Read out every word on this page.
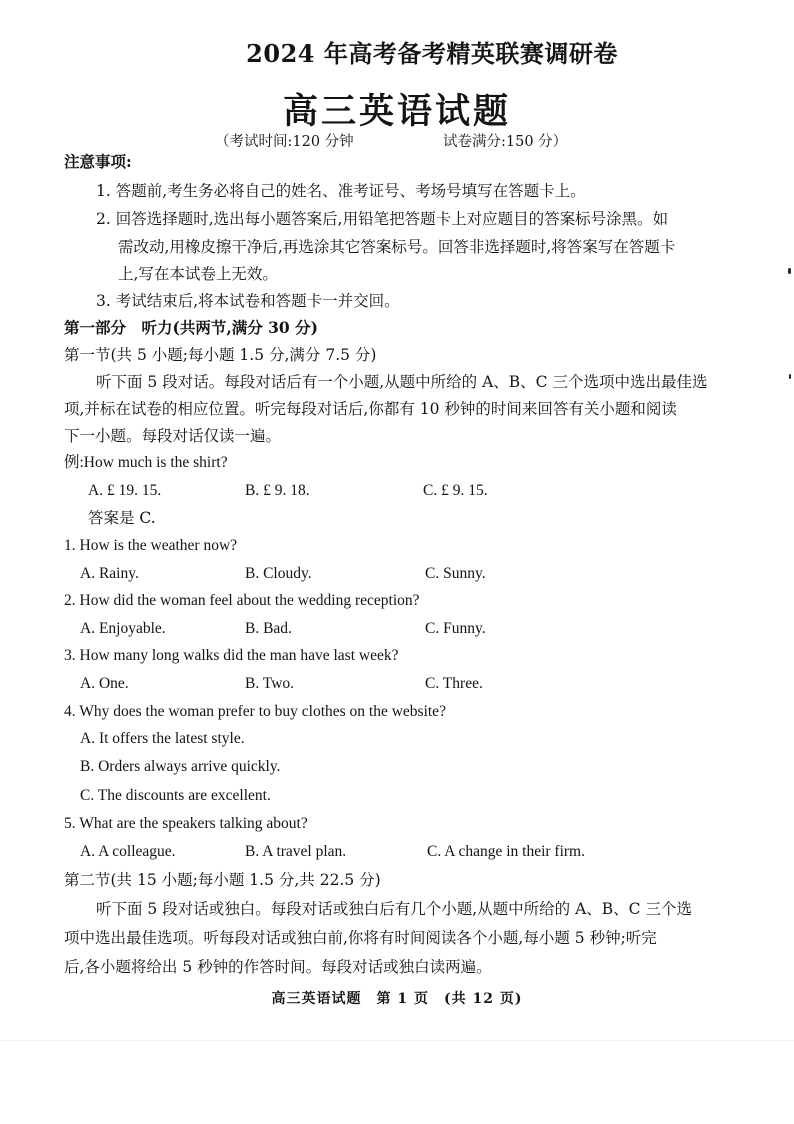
2024 年高考备考精英联赛调研卷
高三英语试题
（考试时间:120 分钟	试卷满分:150 分）
注意事项:
1. 答题前,考生务必将自己的姓名、准考证号、考场号填写在答题卡上。
2. 回答选择题时,选出每小题答案后,用铅笔把答题卡上对应题目的答案标号涂黑。如
需改动,用橡皮擦干净后,再选涂其它答案标号。回答非选择题时,将答案写在答题卡
上,写在本试卷上无效。
3. 考试结束后,将本试卷和答题卡一并交回。
第一部分　听力(共两节,满分 30 分)
第一节(共 5 小题;每小题 1.5 分,满分 7.5 分)
听下面 5 段对话。每段对话后有一个小题,从题中所给的 A、B、C 三个选项中选出最佳选
项,并标在试卷的相应位置。听完每段对话后,你都有 10 秒钟的时间来回答有关小题和阅读
下一小题。每段对话仅读一遍。
例:How much is the shirt?
A. £ 19. 15.	B. £ 9. 18.	C. £ 9. 15.
答案是 C.
1. How is the weather now?
A. Rainy.	B. Cloudy.	C. Sunny.
2. How did the woman feel about the wedding reception?
A. Enjoyable.	B. Bad.	C. Funny.
3. How many long walks did the man have last week?
A. One.	B. Two.	C. Three.
4. Why does the woman prefer to buy clothes on the website?
A. It offers the latest style.
B. Orders always arrive quickly.
C. The discounts are excellent.
5. What are the speakers talking about?
A. A colleague.	B. A travel plan.	C. A change in their firm.
第二节(共 15 小题;每小题 1.5 分,共 22.5 分)
听下面 5 段对话或独白。每段对话或独白后有几个小题,从题中所给的 A、B、C 三个选
项中选出最佳选项。听每段对话或独白前,你将有时间阅读各个小题,每小题 5 秒钟;听完
后,各小题将给出 5 秒钟的作答时间。每段对话或独白读两遍。
高三英语试题　第 1 页　(共 12 页)
